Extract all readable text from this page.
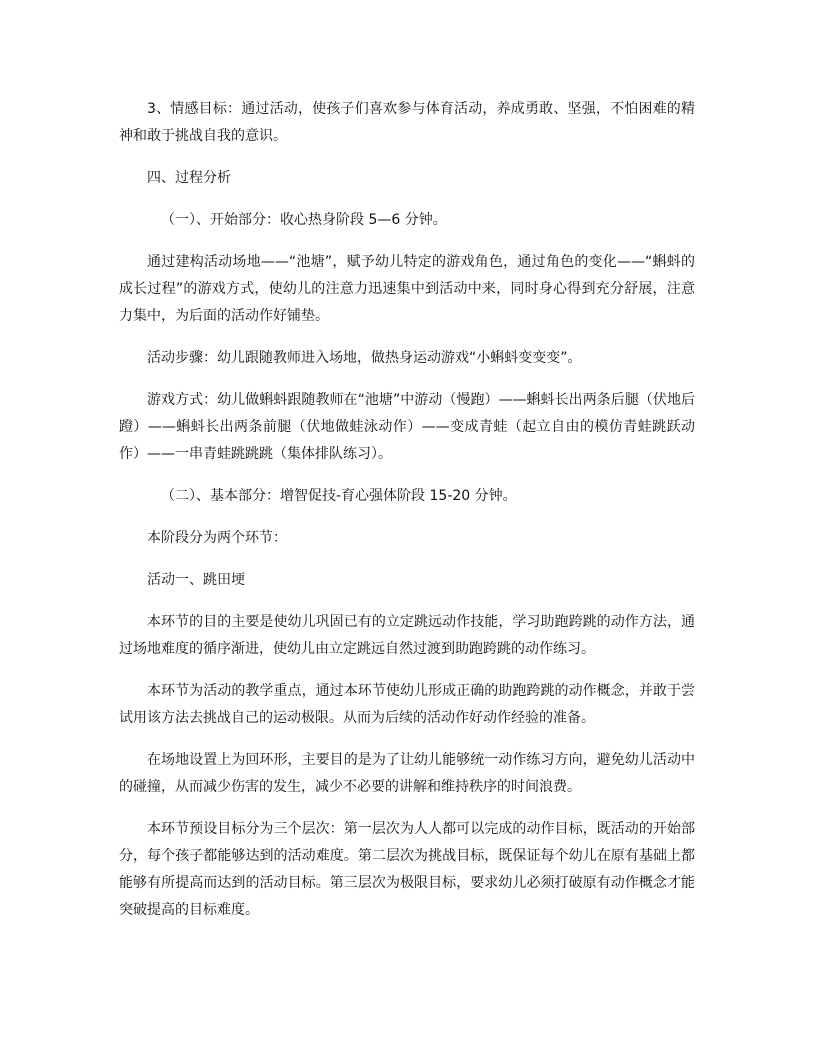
3、情感目标：通过活动，使孩子们喜欢参与体育活动，养成勇敢、坚强，不怕困难的精神和敢于挑战自我的意识。

四、过程分析

（一）、开始部分：收心热身阶段 5—6 分钟。

通过建构活动场地——“池塘”，赋予幼儿特定的游戏角色，通过角色的变化——“蝌蚪的成长过程”的游戏方式，使幼儿的注意力迅速集中到活动中来，同时身心得到充分舒展，注意力集中，为后面的活动作好铺垫。

活动步骤：幼儿跟随教师进入场地，做热身运动游戏“小蝌蚪变变变”。

游戏方式：幼儿做蝌蚪跟随教师在“池塘”中游动（慢跑）——蝌蚪长出两条后腿（伏地后蹬）——蝌蚪长出两条前腿（伏地做蛙泳动作）——变成青蛙（起立自由的模仿青蛙跳跃动作）——一串青蛙跳跳跳（集体排队练习）。

（二）、基本部分：增智促技-育心强体阶段 15-20 分钟。

本阶段分为两个环节：

活动一、跳田埂

本环节的目的主要是使幼儿巩固已有的立定跳远动作技能，学习助跑跨跳的动作方法，通过场地难度的循序渐进，使幼儿由立定跳远自然过渡到助跑跨跳的动作练习。

本环节为活动的教学重点，通过本环节使幼儿形成正确的助跑跨跳的动作概念，并敢于尝试用该方法去挑战自己的运动极限。从而为后续的活动作好动作经验的准备。

在场地设置上为回环形，主要目的是为了让幼儿能够统一动作练习方向，避免幼儿活动中的碰撞，从而减少伤害的发生，减少不必要的讲解和维持秩序的时间浪费。

本环节预设目标分为三个层次：第一层次为人人都可以完成的动作目标，既活动的开始部分，每个孩子都能够达到的活动难度。第二层次为挑战目标，既保证每个幼儿在原有基础上都能够有所提高而达到的活动目标。第三层次为极限目标，要求幼儿必须打破原有动作概念才能突破提高的目标难度。
